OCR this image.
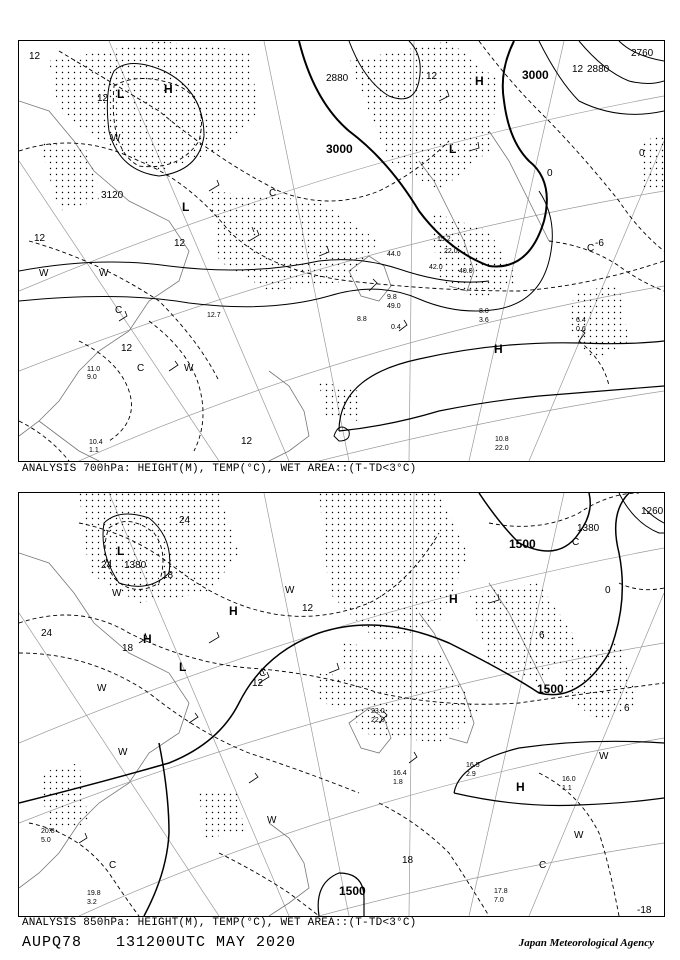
3000
3000
3120
2760
2880
2880
12
12
12	12
12
12
12
0
-6
0
12
L	H
W
L
C
W
C
C	W
L
H
H
C
W
15.2
42.0
22.0
44.0
40.0
10.8
22.0
8.0
3.6
9.8
49.0
12.7
8.8
0.4
10.4
1.1
11.0
9.0
6.4
0.6
ANALYSIS 700hPa: HEIGHT(M), TEMP(°C), WET AREA::(T-TD<3°C)
1380
1500
1500
1500
1380
1260
24
24
18
18
24
12
0
6
6
18
12
-18
L
W
H
H
L
W
W
C
H
W
W
C
C
W
H
C
W
16.4
1.8	16.0
1.1
16.5
2.9
19.8
3.2
17.8
7.0
20.8
5.0
23.0
22.0
ANALYSIS 850hPa: HEIGHT(M), TEMP(°C), WET AREA::(T-TD<3°C)
AUPQ78 131200UTC MAY 2020	Japan Meteorological Agency
